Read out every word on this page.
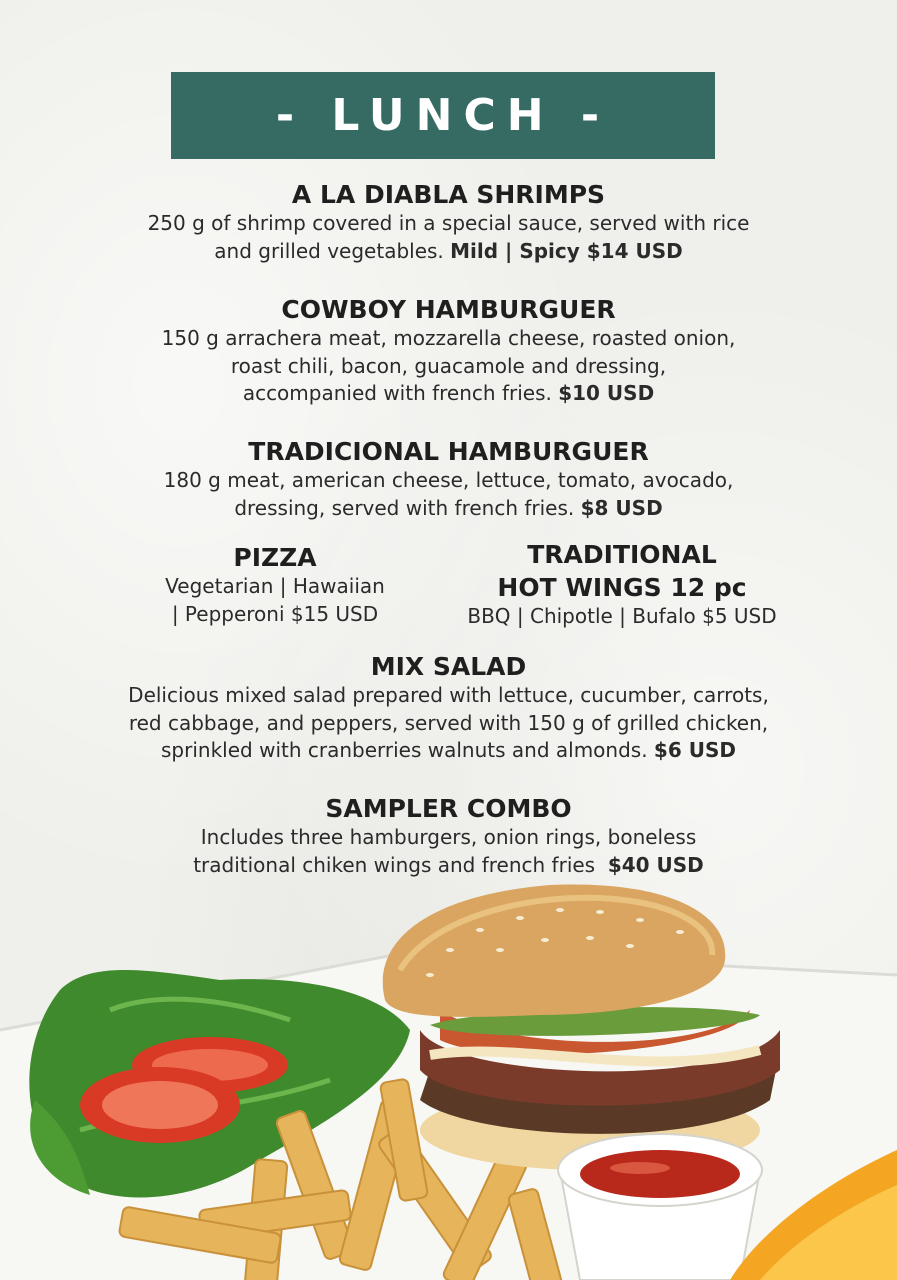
- LUNCH -
A LA DIABLA SHRIMPS
250 g of shrimp covered in a special sauce, served with rice
and grilled vegetables. Mild | Spicy $14 USD
COWBOY HAMBURGUER
150 g arrachera meat, mozzarella cheese, roasted onion,
roast chili, bacon, guacamole and dressing,
accompanied with french fries. $10 USD
TRADICIONAL HAMBURGUER
180 g meat, american cheese, lettuce, tomato, avocado,
dressing, served with french fries. $8 USD
PIZZA
Vegetarian | Hawaiian
| Pepperoni $15 USD
TRADITIONAL
HOT WINGS 12 pc
BBQ | Chipotle | Bufalo $5 USD
MIX SALAD
Delicious mixed salad prepared with lettuce, cucumber, carrots,
red cabbage, and peppers, served with 150 g of grilled chicken,
sprinkled with cranberries walnuts and almonds. $6 USD
SAMPLER COMBO
Includes three hamburgers, onion rings, boneless
traditional chiken wings and french fries $40 USD
